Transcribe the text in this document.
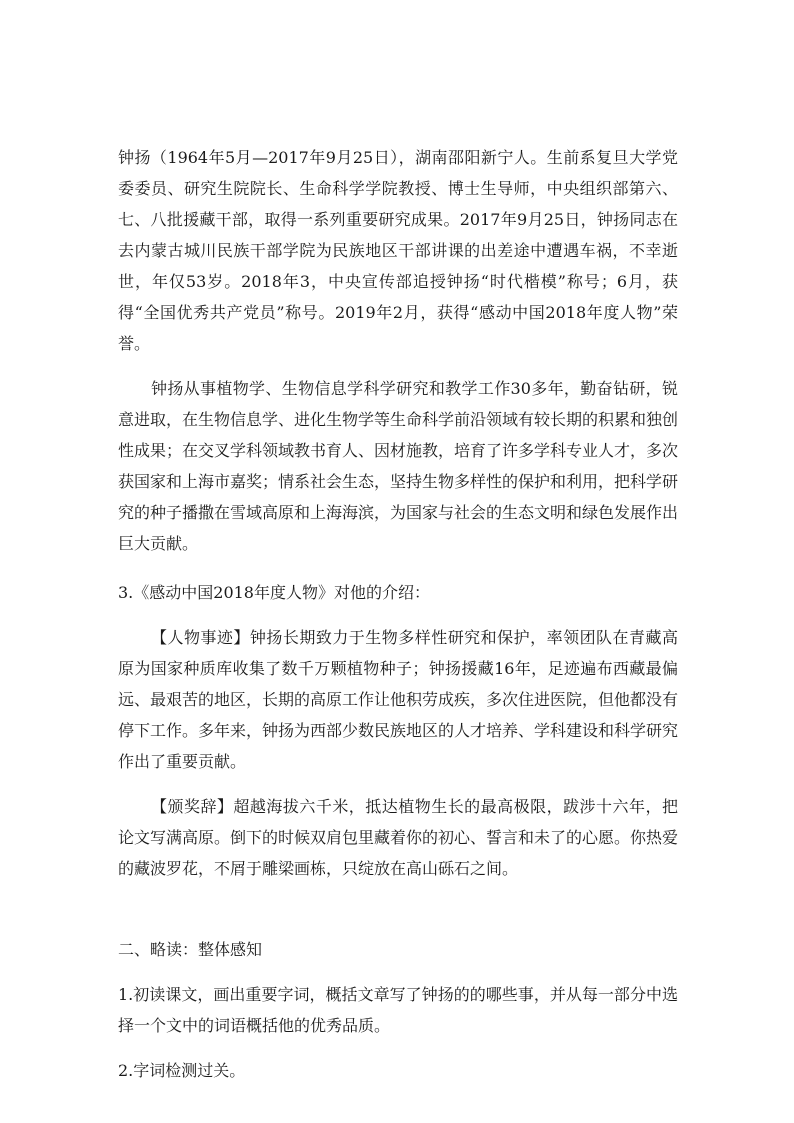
钟扬（1964年5月—2017年9月25日），湖南邵阳新宁人。生前系复旦大学党委委员、研究生院院长、生命科学学院教授、博士生导师，中央组织部第六、七、八批援藏干部，取得一系列重要研究成果。2017年9月25日，钟扬同志在去内蒙古城川民族干部学院为民族地区干部讲课的出差途中遭遇车祸，不幸逝世，年仅53岁。2018年3，中央宣传部追授钟扬“时代楷模”称号；6月，获得“全国优秀共产党员”称号。2019年2月，获得“感动中国2018年度人物”荣誉。

钟扬从事植物学、生物信息学科学研究和教学工作30多年，勤奋钻研，锐意进取，在生物信息学、进化生物学等生命科学前沿领域有较长期的积累和独创性成果；在交叉学科领域教书育人、因材施教，培育了许多学科专业人才，多次获国家和上海市嘉奖；情系社会生态，坚持生物多样性的保护和利用，把科学研究的种子播撒在雪域高原和上海海滨，为国家与社会的生态文明和绿色发展作出巨大贡献。

3.《感动中国2018年度人物》对他的介绍：

【人物事迹】钟扬长期致力于生物多样性研究和保护，率领团队在青藏高原为国家种质库收集了数千万颗植物种子；钟扬援藏16年，足迹遍布西藏最偏远、最艰苦的地区，长期的高原工作让他积劳成疾，多次住进医院，但他都没有停下工作。多年来，钟扬为西部少数民族地区的人才培养、学科建设和科学研究作出了重要贡献。

【颁奖辞】超越海拔六千米，抵达植物生长的最高极限，跋涉十六年，把论文写满高原。倒下的时候双肩包里藏着你的初心、誓言和未了的心愿。你热爱的藏波罗花，不屑于雕梁画栋，只绽放在高山砾石之间。

二、略读：整体感知

1.初读课文，画出重要字词，概括文章写了钟扬的的哪些事，并从每一部分中选择一个文中的词语概括他的优秀品质。

2.字词检测过关。
